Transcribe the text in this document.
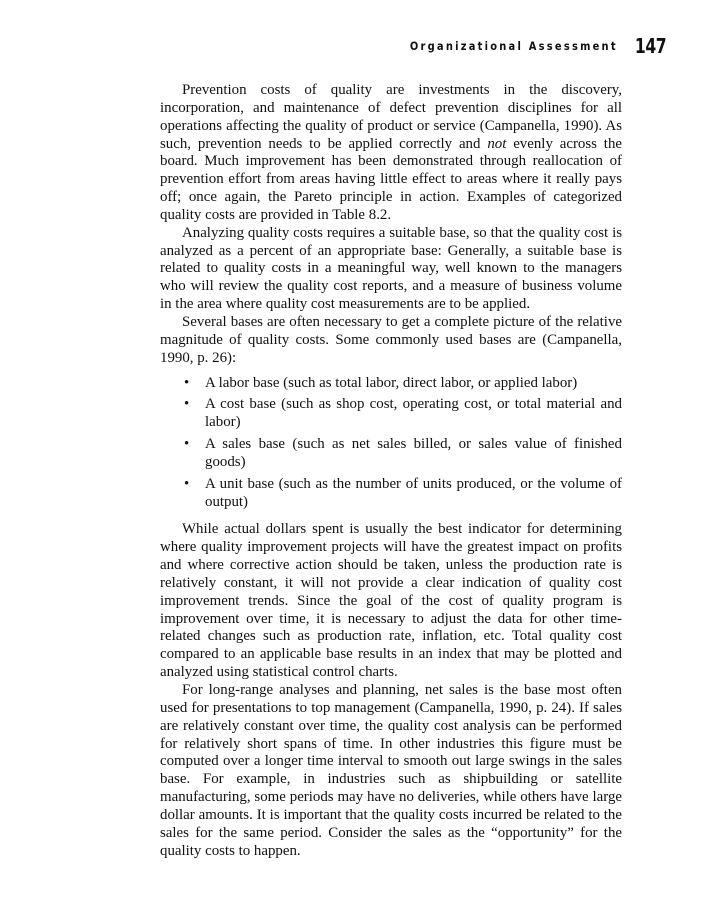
Organizational Assessment 147

Prevention costs of quality are investments in the discovery, incorporation, and maintenance of defect prevention disciplines for all operations affecting the quality of product or service (Campanella, 1990). As such, prevention needs to be applied correctly and not evenly across the board. Much improvement has been demonstrated through reallocation of prevention effort from areas having little effect to areas where it really pays off; once again, the Pareto principle in action. Examples of categorized quality costs are provided in Table 8.2.

Analyzing quality costs requires a suitable base, so that the quality cost is analyzed as a percent of an appropriate base: Generally, a suitable base is related to quality costs in a meaningful way, well known to the managers who will review the quality cost reports, and a measure of business volume in the area where quality cost measurements are to be applied.

Several bases are often necessary to get a complete picture of the relative magnitude of quality costs. Some commonly used bases are (Campanella, 1990, p. 26):

• A labor base (such as total labor, direct labor, or applied labor)
• A cost base (such as shop cost, operating cost, or total material and labor)
• A sales base (such as net sales billed, or sales value of finished goods)
• A unit base (such as the number of units produced, or the volume of output)

While actual dollars spent is usually the best indicator for determining where quality improvement projects will have the greatest impact on profits and where corrective action should be taken, unless the production rate is relatively constant, it will not provide a clear indication of quality cost improvement trends. Since the goal of the cost of quality program is improvement over time, it is necessary to adjust the data for other time-related changes such as production rate, inflation, etc. Total quality cost compared to an applicable base results in an index that may be plotted and analyzed using statistical control charts.

For long-range analyses and planning, net sales is the base most often used for presentations to top management (Campanella, 1990, p. 24). If sales are relatively constant over time, the quality cost analysis can be performed for relatively short spans of time. In other industries this figure must be computed over a longer time interval to smooth out large swings in the sales base. For example, in industries such as shipbuilding or satellite manufacturing, some periods may have no deliveries, while others have large dollar amounts. It is important that the quality costs incurred be related to the sales for the same period. Consider the sales as the “opportunity” for the quality costs to happen.
